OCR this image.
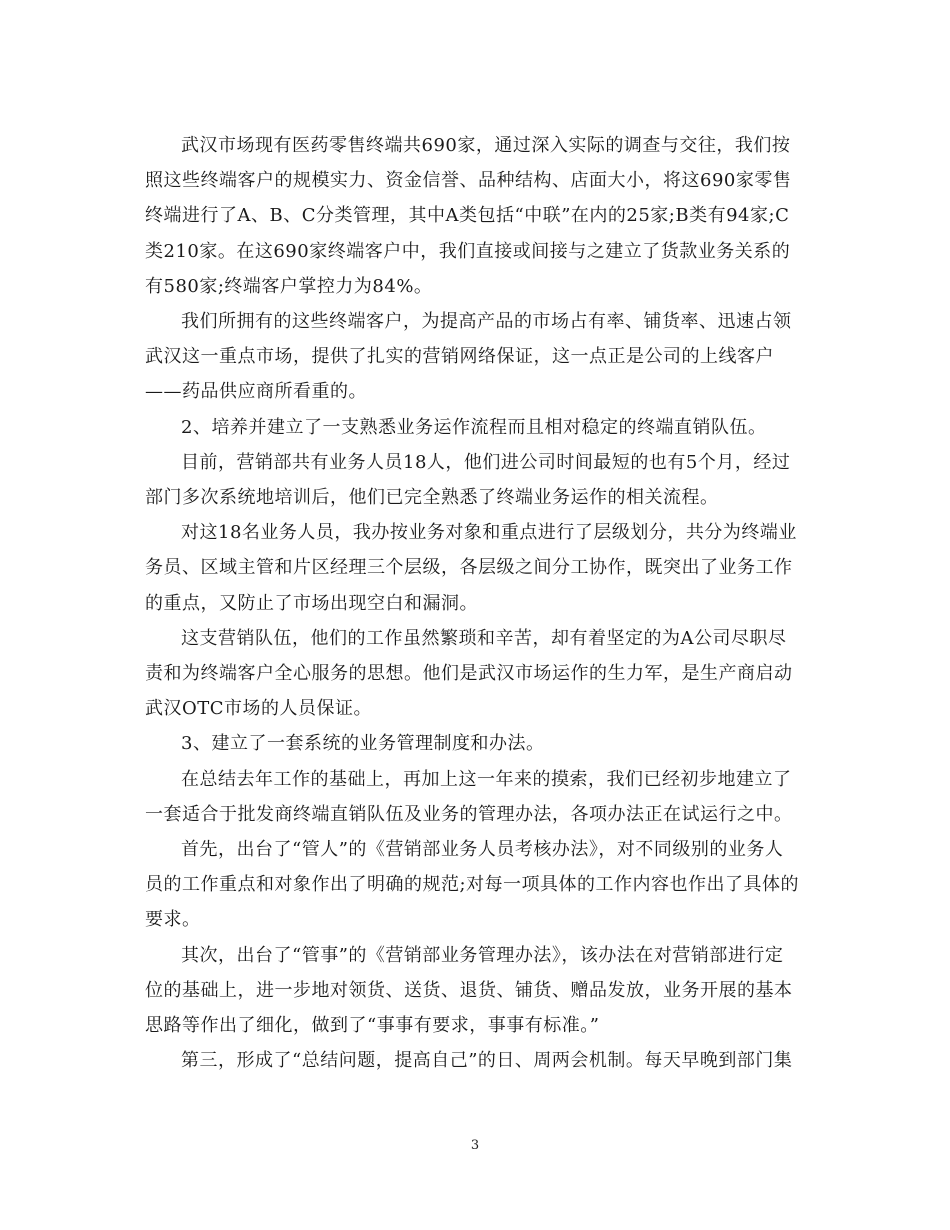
武汉市场现有医药零售终端共690家，通过深入实际的调查与交往，我们按
照这些终端客户的规模实力、资金信誉、品种结构、店面大小，将这690家零售
终端进行了A、B、C分类管理，其中A类包括“中联”在内的25家;B类有94家;C
类210家。在这690家终端客户中，我们直接或间接与之建立了货款业务关系的
有580家;终端客户掌控力为84%。
我们所拥有的这些终端客户，为提高产品的市场占有率、铺货率、迅速占领
武汉这一重点市场，提供了扎实的营销网络保证，这一点正是公司的上线客户
——药品供应商所看重的。
2、培养并建立了一支熟悉业务运作流程而且相对稳定的终端直销队伍。
目前，营销部共有业务人员18人，他们进公司时间最短的也有5个月，经过
部门多次系统地培训后，他们已完全熟悉了终端业务运作的相关流程。
对这18名业务人员，我办按业务对象和重点进行了层级划分，共分为终端业
务员、区域主管和片区经理三个层级，各层级之间分工协作，既突出了业务工作
的重点，又防止了市场出现空白和漏洞。
这支营销队伍，他们的工作虽然繁琐和辛苦，却有着坚定的为A公司尽职尽
责和为终端客户全心服务的思想。他们是武汉市场运作的生力军，是生产商启动
武汉OTC市场的人员保证。
3、建立了一套系统的业务管理制度和办法。
在总结去年工作的基础上，再加上这一年来的摸索，我们已经初步地建立了
一套适合于批发商终端直销队伍及业务的管理办法，各项办法正在试运行之中。
首先，出台了“管人”的《营销部业务人员考核办法》，对不同级别的业务人
员的工作重点和对象作出了明确的规范;对每一项具体的工作内容也作出了具体的
要求。
其次，出台了“管事”的《营销部业务管理办法》，该办法在对营销部进行定
位的基础上，进一步地对领货、送货、退货、铺货、赠品发放，业务开展的基本
思路等作出了细化，做到了“事事有要求，事事有标准。”
第三，形成了“总结问题，提高自己”的日、周两会机制。每天早晚到部门集
3
